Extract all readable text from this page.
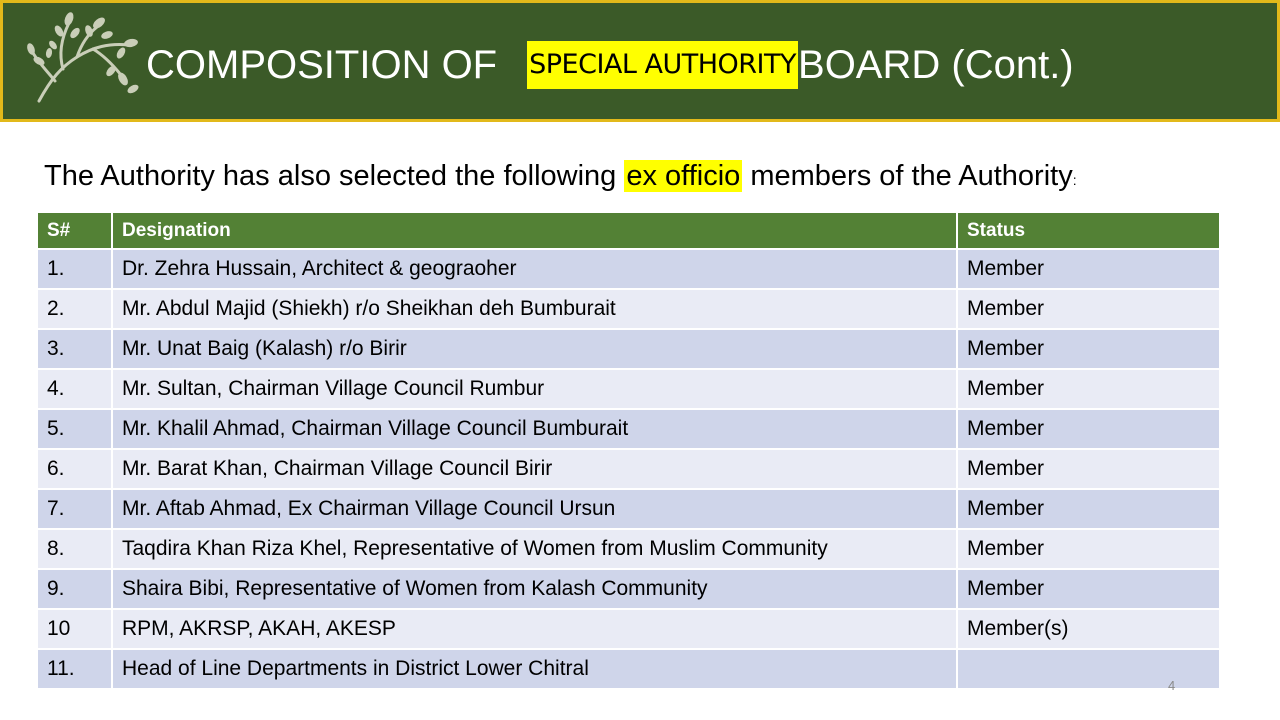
COMPOSITION OF SPECIAL AUTHORITYBOARD (Cont.)
The Authority has also selected the following ex officio members of the Authority:
S#	Designation	Status
1.	Dr. Zehra Hussain, Architect & geograoher	Member
2.	Mr. Abdul Majid (Shiekh) r/o Sheikhan deh Bumburait	Member
3.	Mr. Unat Baig (Kalash) r/o Birir	Member
4.	Mr. Sultan, Chairman Village Council Rumbur	Member
5.	Mr. Khalil Ahmad, Chairman Village Council Bumburait	Member
6.	Mr. Barat Khan, Chairman Village Council Birir	Member
7.	Mr. Aftab Ahmad, Ex Chairman Village Council Ursun	Member
8.	Taqdira Khan Riza Khel, Representative of Women from Muslim Community	Member
9.	Shaira Bibi, Representative of Women from Kalash Community	Member
10	RPM, AKRSP, AKAH, AKESP	Member(s)
11.	Head of Line Departments in District Lower Chitral	
4
